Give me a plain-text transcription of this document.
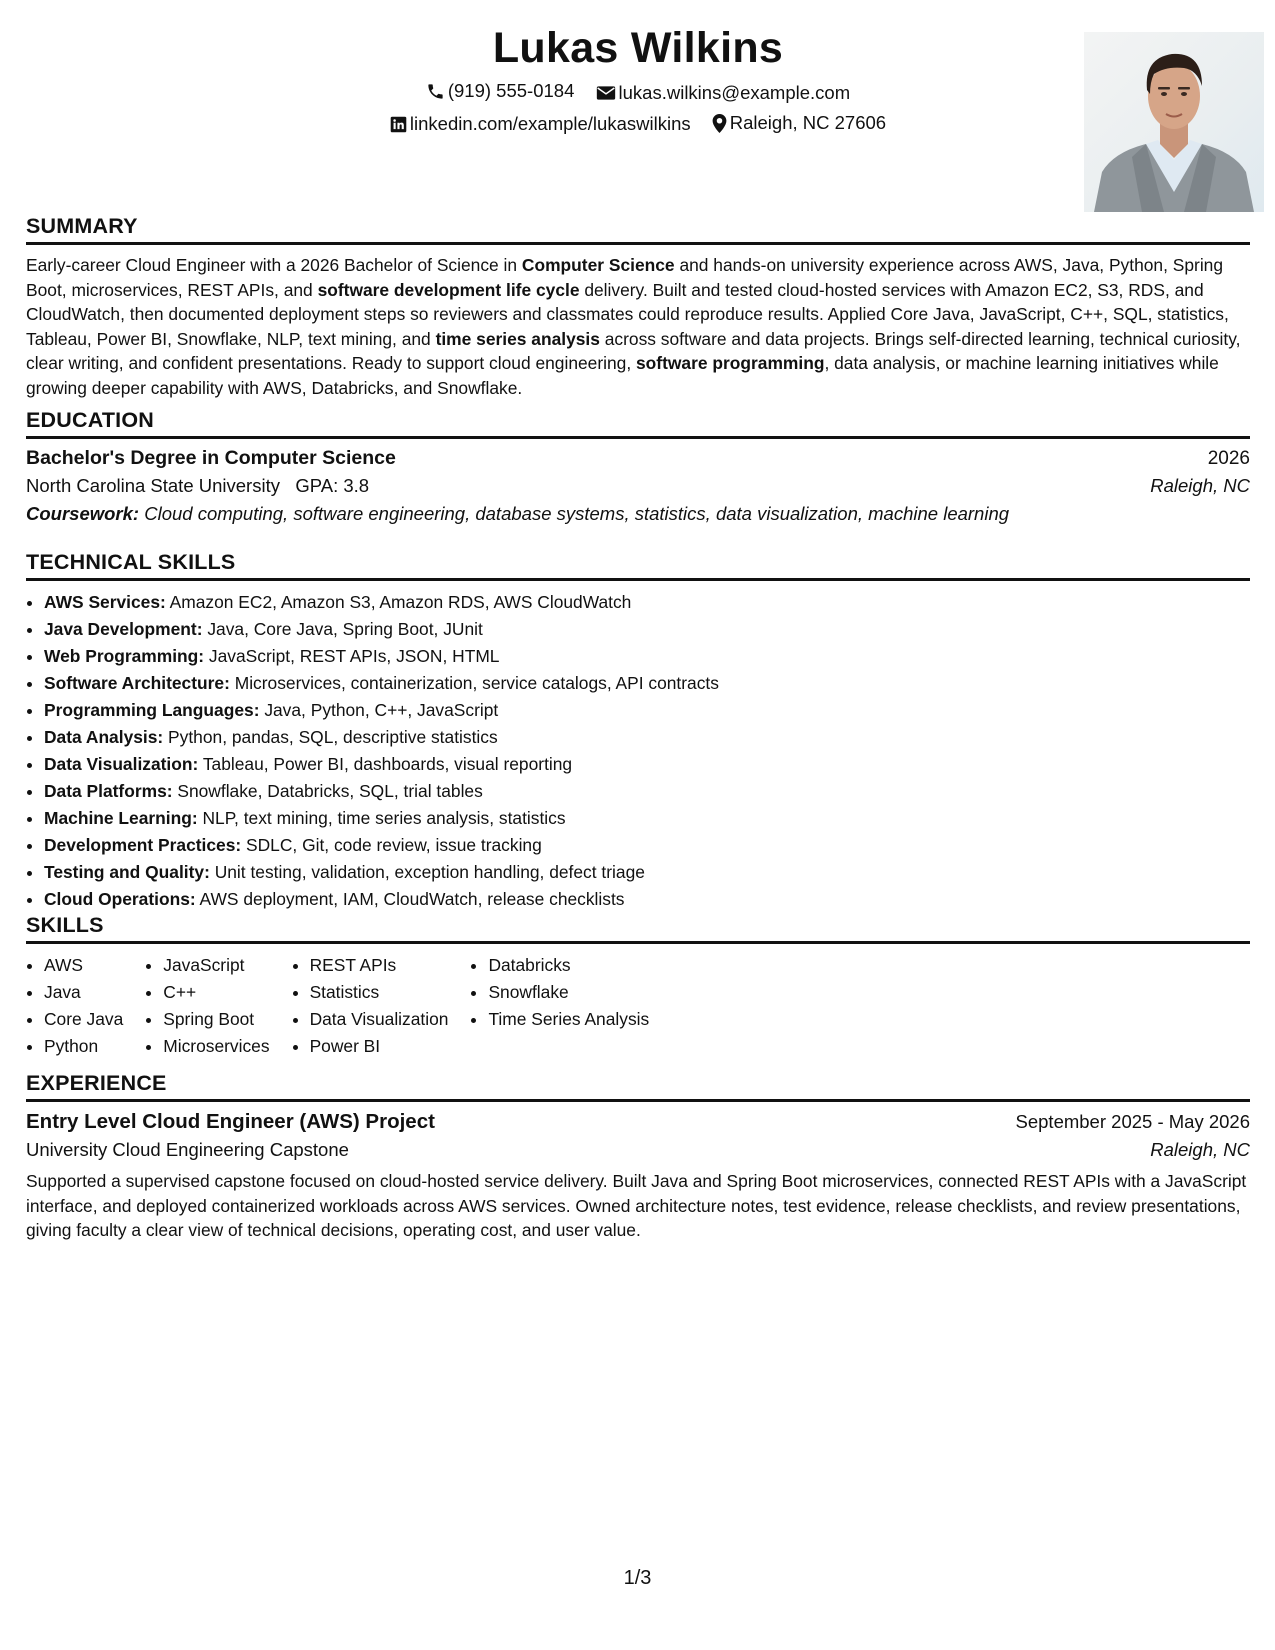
Lukas Wilkins
(919) 555-0184
lukas.wilkins@example.com
linkedin.com/example/lukaswilkins
Raleigh, NC 27606
SUMMARY
Early-career Cloud Engineer with a 2026 Bachelor of Science in Computer Science and hands-on university experience across AWS, Java, Python, Spring Boot, microservices, REST APIs, and software development life cycle delivery. Built and tested cloud-hosted services with Amazon EC2, S3, RDS, and CloudWatch, then documented deployment steps so reviewers and classmates could reproduce results. Applied Core Java, JavaScript, C++, SQL, statistics, Tableau, Power BI, Snowflake, NLP, text mining, and time series analysis across software and data projects. Brings self-directed learning, technical curiosity, clear writing, and confident presentations. Ready to support cloud engineering, software programming, data analysis, or machine learning initiatives while growing deeper capability with AWS, Databricks, and Snowflake.
EDUCATION
Bachelor's Degree in Computer Science	2026
North Carolina State University GPA: 3.8	Raleigh, NC
Coursework: Cloud computing, software engineering, database systems, statistics, data visualization, machine learning
TECHNICAL SKILLS
• AWS Services: Amazon EC2, Amazon S3, Amazon RDS, AWS CloudWatch
• Java Development: Java, Core Java, Spring Boot, JUnit
• Web Programming: JavaScript, REST APIs, JSON, HTML
• Software Architecture: Microservices, containerization, service catalogs, API contracts
• Programming Languages: Java, Python, C++, JavaScript
• Data Analysis: Python, pandas, SQL, descriptive statistics
• Data Visualization: Tableau, Power BI, dashboards, visual reporting
• Data Platforms: Snowflake, Databricks, SQL, trial tables
• Machine Learning: NLP, text mining, time series analysis, statistics
• Development Practices: SDLC, Git, code review, issue tracking
• Testing and Quality: Unit testing, validation, exception handling, defect triage
• Cloud Operations: AWS deployment, IAM, CloudWatch, release checklists
SKILLS
• AWS
• Java
• Core Java
• Python
• JavaScript
• C++
• Spring Boot
• Microservices
• REST APIs
• Statistics
• Data Visualization
• Power BI
• Databricks
• Snowflake
• Time Series Analysis
EXPERIENCE
Entry Level Cloud Engineer (AWS) Project	September 2025 - May 2026
University Cloud Engineering Capstone	Raleigh, NC
Supported a supervised capstone focused on cloud-hosted service delivery. Built Java and Spring Boot microservices, connected REST APIs with a JavaScript interface, and deployed containerized workloads across AWS services. Owned architecture notes, test evidence, release checklists, and review presentations, giving faculty a clear view of technical decisions, operating cost, and user value.
1/3
